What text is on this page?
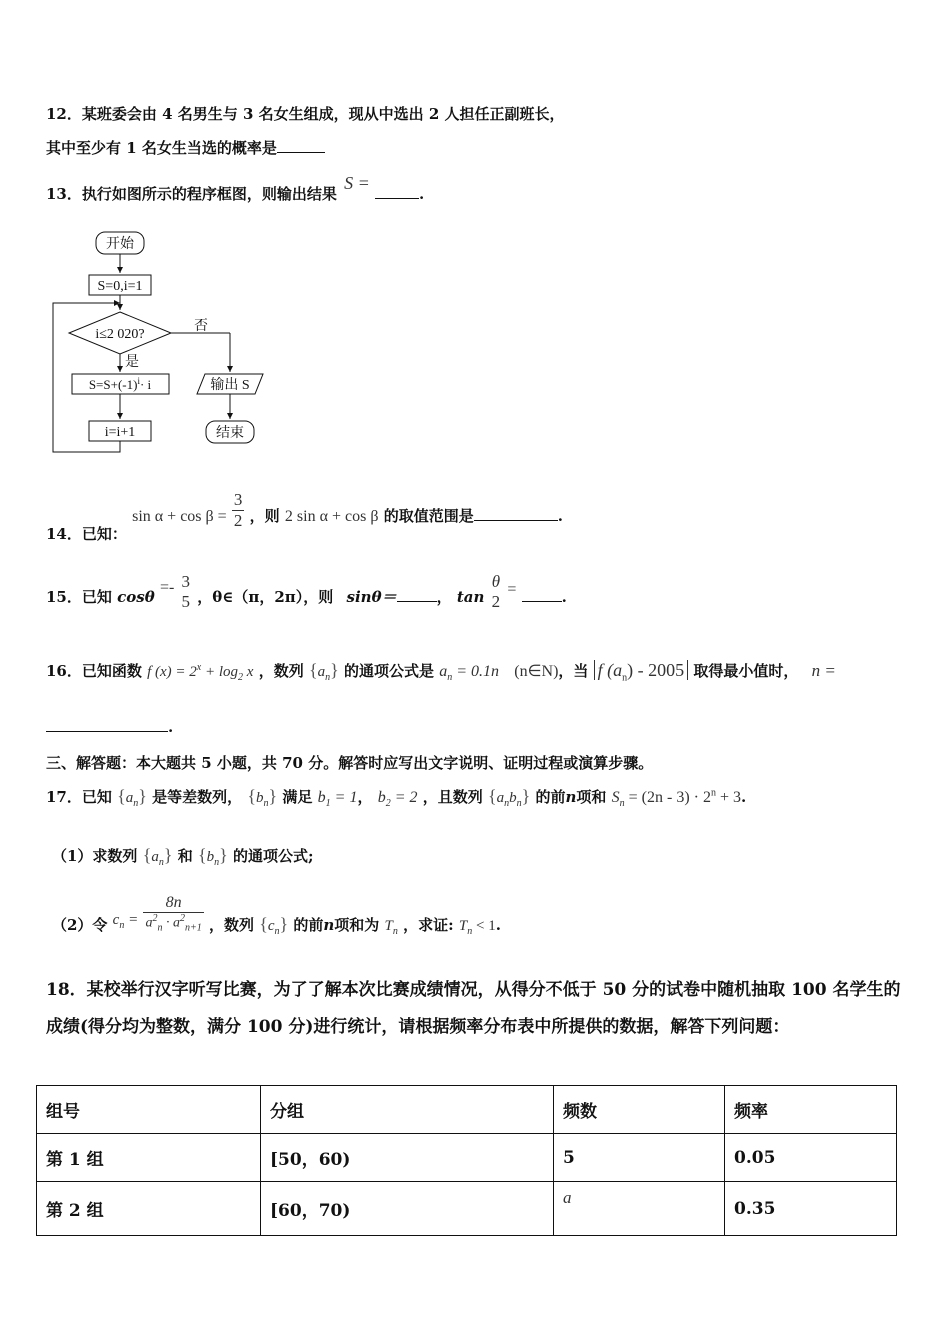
12．某班委会由 4 名男生与 3 名女生组成，现从中选出 2 人担任正副班长，
其中至少有 1 名女生当选的概率是
13．执行如图所示的程序框图，则输出结果 S = .
开始
S=0,i=1
i≤2 020?
否
是
$S=S+(-1)^i\cdot i$
i=i+1
输出 S
结束
14．已知： $\sin \alpha + \cos \beta = \frac{3}{2}$ ，则 2 sin α + cos β 的取值范围是	.
15．已知 cosθ =- 3
5 ，θ∈（π，2π），则 sinθ＝	， tan
θ
2
=	.
16．已知函数 f $(x) = 2^x + \log_2 x$ ，数列 $\{a_n\}$ 的通项公式是 $a_n = 0.1n$ (n∈N)，当 f $(a_n) - 2005$ 取得最小值时， n =
.
三、解答题：本大题共 5 小题，共 70 分。解答时应写出文字说明、证明过程或演算步骤。
17．已知 $\{a_n\}$ 是等差数列， $\{b_n\}$ 满足 $b_1 = 1$， $b_2 = 2$ ，且数列 $\{a_nb_n\}$ 的前n项和 $S_n = (2n - 3) \cdot 2^n + 3$.
（1）求数列 $\{a_n\}$ 和 $\{b_n\}$ 的通项公式;
（2）令 $c_n = \frac{8n}{a^2_n \cdot a^2_{n+1}}$ ，数列 $\{c_n\}$ 的前n项和为 $T_n$ ，求证: $T_n < 1$.
18．某校举行汉字听写比赛，为了了解本次比赛成绩情况，从得分不低于 50 分的试卷中随机抽取 100 名学生的成绩(得分均为整数，满分 100 分)进行统计，请根据频率分布表中所提供的数据，解答下列问题：
组号	分组	频数	频率
第 1 组	[50，60)	5	0.05
第 2 组	[60，70)	a	0.35
